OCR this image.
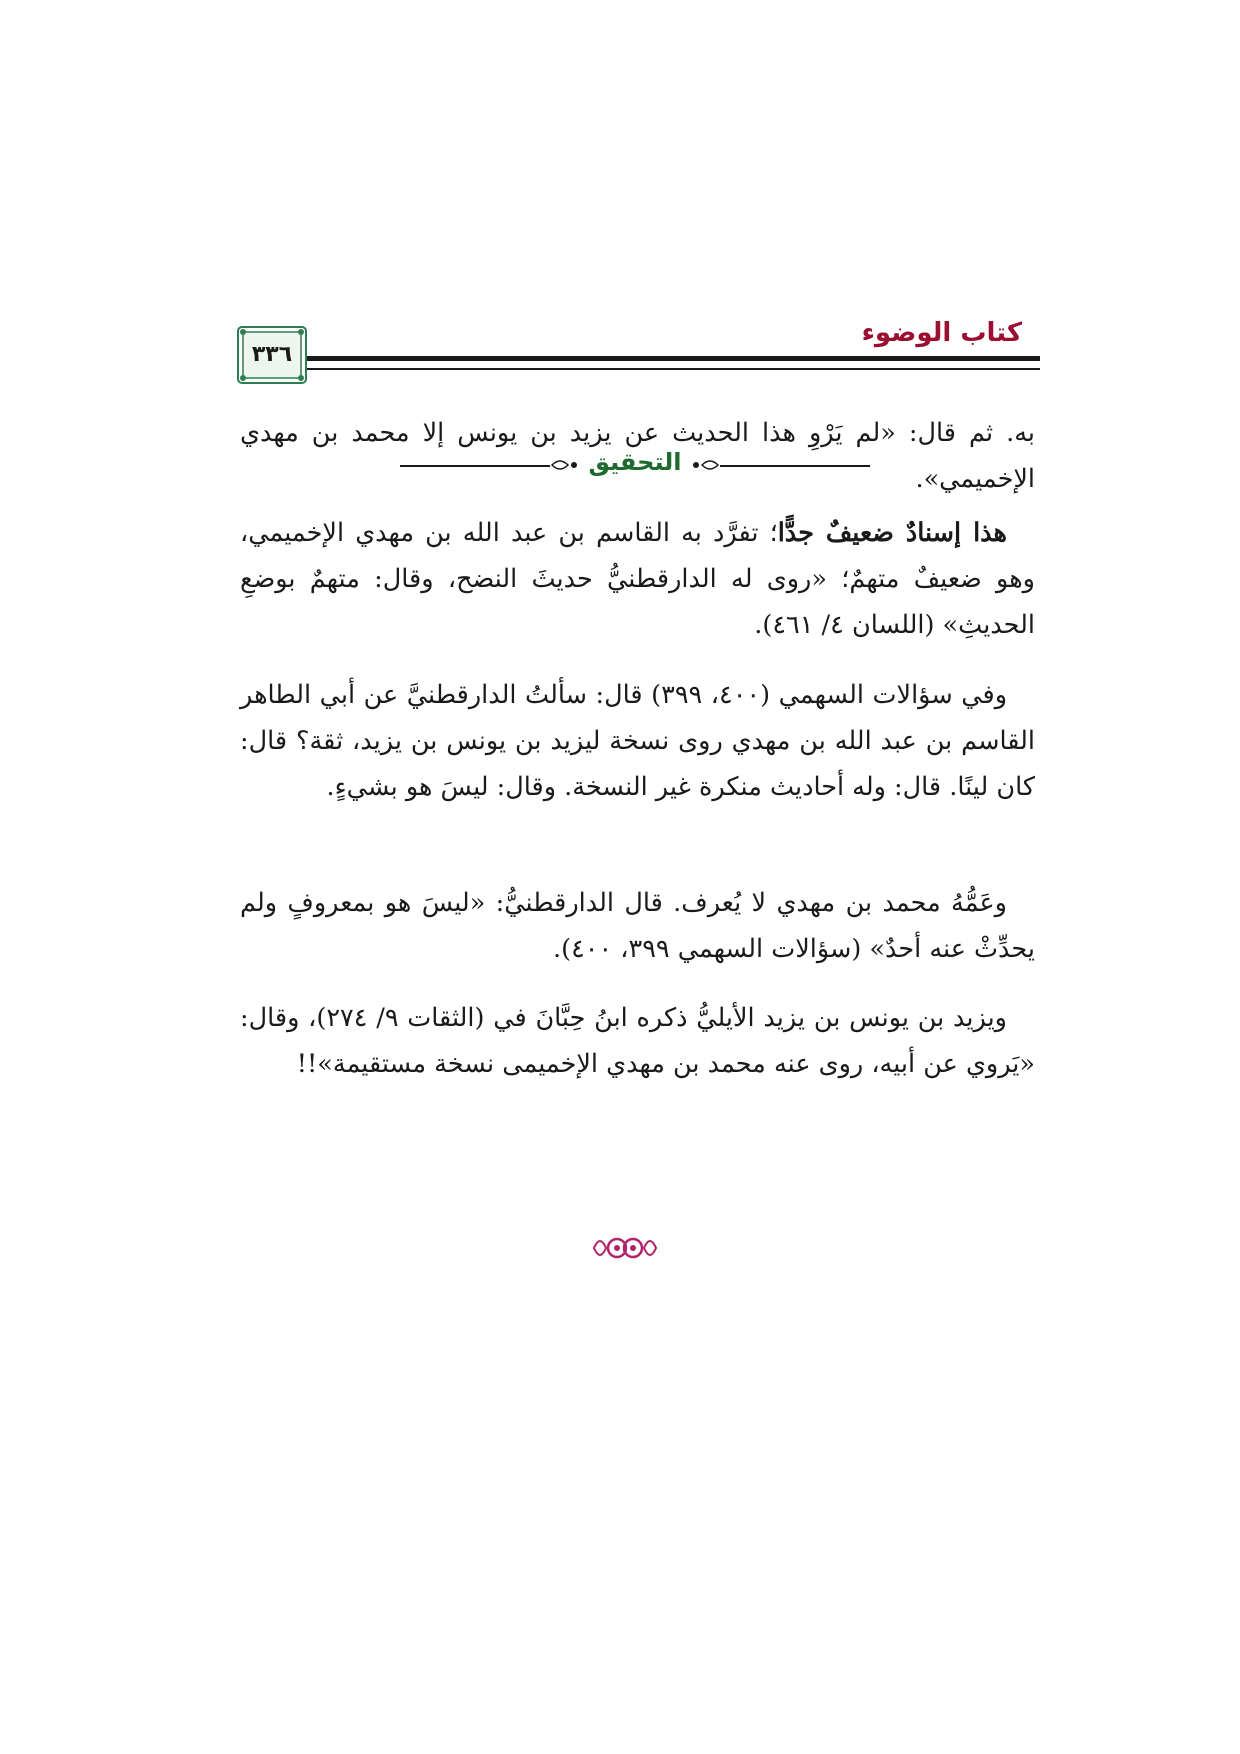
كتاب الوضوء
٣٣٦

به. ثم قال: «لم يَرْوِ هذا الحديث عن يزيد بن يونس إلا محمد بن مهدي

الإخميمي».

التحقيق

هذا إسنادٌ ضعيفٌ جدًّا؛ تفرَّد به القاسم بن عبد الله بن مهدي الإخميمي، وهو ضعيفٌ متهمٌ؛ «روى له الدارقطنيُّ حديثَ النضح، وقال: متهمٌ بوضعِ الحديثِ» (اللسان ٤/ ٤٦١).

وفي سؤالات السهمي (٤٠٠، ٣٩٩) قال: سألتُ الدارقطنيَّ عن أبي الطاهر القاسم بن عبد الله بن مهدي روى نسخة ليزيد بن يونس بن يزيد، ثقة؟ قال: كان لينًا. قال: وله أحاديث منكرة غير النسخة. وقال: ليسَ هو بشيءٍ.

وعَمُّهُ محمد بن مهدي لا يُعرف. قال الدارقطنيُّ: «ليسَ هو بمعروفٍ ولم يحدِّثْ عنه أحدٌ» (سؤالات السهمي ٣٩٩، ٤٠٠).

ويزيد بن يونس بن يزيد الأيليُّ ذكره ابنُ حِبَّانَ في (الثقات ٩/ ٢٧٤)، وقال: «يَروي عن أبيه، روى عنه محمد بن مهدي الإخميمى نسخة مستقيمة»!!
